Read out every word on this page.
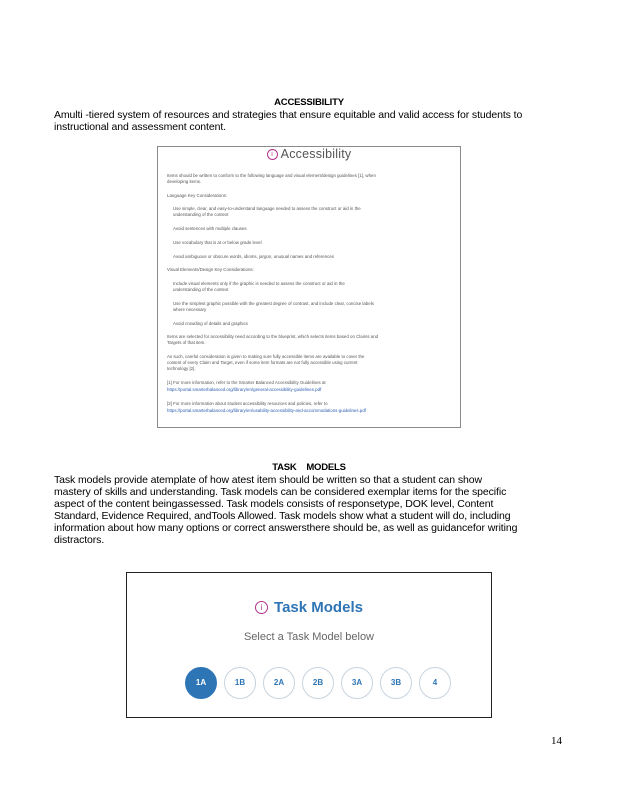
ACCESSIBILITY
Amulti -tiered system of resources and strategies that ensure equitable and valid access for students to
instructional and assessment content.
i Accessibility
Items should be written to conform to the following language and visual element/design guidelines [1], when
developing items.
Language Key Considerations:
• Use simple, clear, and easy-to-understand language needed to assess the construct or aid in the
understanding of the context
• Avoid sentences with multiple clauses
• Use vocabulary that is at or below grade level
• Avoid ambiguous or obscure words, idioms, jargon, unusual names and references
Visual Elements/Design Key Considerations:
• Include visual elements only if the graphic is needed to assess the construct or aid in the
understanding of the context
• Use the simplest graphic possible with the greatest degree of contrast, and include clear, concise labels
where necessary
• Avoid crowding of details and graphics
Items are selected for accessibility need according to the blueprint, which selects items based on Claims and
Targets of that item.
As such, careful consideration is given to making sure fully accessible items are available to cover the
content of every Claim and Target, even if some item formats are not fully accessible using current
technology [2].
[1] For more information, refer to the Smarter Balanced Accessibility Guidelines at
https://portal.smarterbalanced.org/library/en/general-accessibility-guidelines.pdf
[2] For more information about student accessibility resources and policies, refer to
https://portal.smarterbalanced.org/library/en/usability-accessibility-and-accommodations-guidelines.pdf
TASK    MODELS
Task models provide atemplate of how atest item should be written so that a student can show
mastery of skills and understanding. Task models can be considered exemplar items for the specific
aspect of the content beingassessed. Task models consists of responsetype, DOK level, Content
Standard, Evidence Required, andTools Allowed. Task models show what a student will do, including
information about how many options or correct answersthere should be, as well as guidancefor writing
distractors.
i Task Models
Select a Task Model below
1A	1B	2A	2B	3A	3B	4
14
